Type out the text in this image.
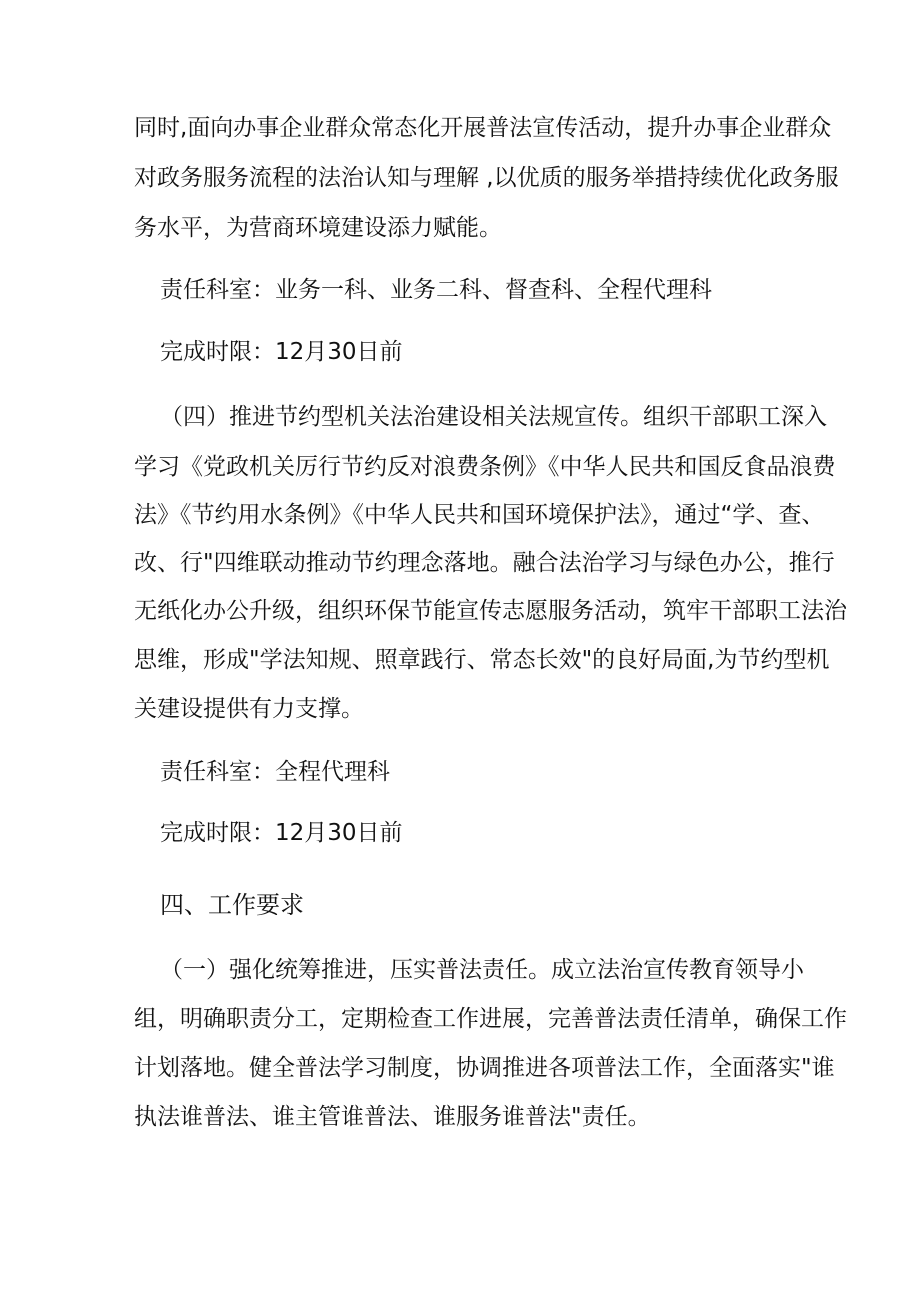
同时,面向办事企业群众常态化开展普法宣传活动，提升办事企业群众
对政务服务流程的法治认知与理解 ,以优质的服务举措持续优化政务服
务水平，为营商环境建设添力赋能。
责任科室：业务一科、业务二科、督查科、全程代理科
完成时限：12月30日前
（四）推进节约型机关法治建设相关法规宣传。组织干部职工深入
学习《党政机关厉行节约反对浪费条例》《中华人民共和国反食品浪费
法》《节约用水条例》《中华人民共和国环境保护法》，通过“学、查、
改、行"四维联动推动节约理念落地。融合法治学习与绿色办公，推行
无纸化办公升级，组织环保节能宣传志愿服务活动，筑牢干部职工法治
思维，形成"学法知规、照章践行、常态长效"的良好局面,为节约型机
关建设提供有力支撑。
责任科室：全程代理科
完成时限：12月30日前
四、工作要求
（一）强化统筹推进，压实普法责任。成立法治宣传教育领导小
组，明确职责分工，定期检查工作进展，完善普法责任清单，确保工作
计划落地。健全普法学习制度，协调推进各项普法工作，全面落实"谁
执法谁普法、谁主管谁普法、谁服务谁普法"责任。
